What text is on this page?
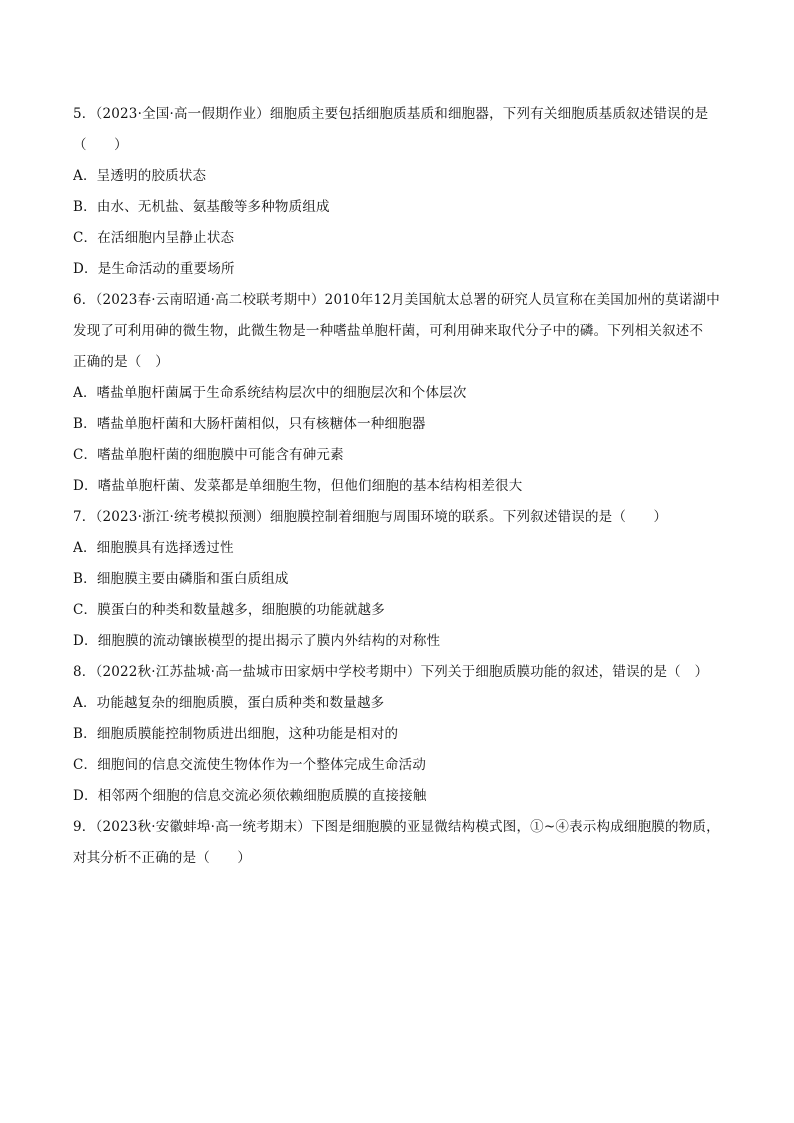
5．（2023·全国·高一假期作业）细胞质主要包括细胞质基质和细胞器，下列有关细胞质基质叙述错误的是
（　　）
A．呈透明的胶质状态
B．由水、无机盐、氨基酸等多种物质组成
C．在活细胞内呈静止状态
D．是生命活动的重要场所
6．（2023春·云南昭通·高二校联考期中）2010年12月美国航太总署的研究人员宣称在美国加州的莫诺湖中
发现了可利用砷的微生物，此微生物是一种嗜盐单胞杆菌，可利用砷来取代分子中的磷。下列相关叙述不
正确的是（　）
A．嗜盐单胞杆菌属于生命系统结构层次中的细胞层次和个体层次
B．嗜盐单胞杆菌和大肠杆菌相似，只有核糖体一种细胞器
C．嗜盐单胞杆菌的细胞膜中可能含有砷元素
D．嗜盐单胞杆菌、发菜都是单细胞生物，但他们细胞的基本结构相差很大
7．（2023·浙江·统考模拟预测）细胞膜控制着细胞与周围环境的联系。下列叙述错误的是（　　）
A．细胞膜具有选择透过性
B．细胞膜主要由磷脂和蛋白质组成
C．膜蛋白的种类和数量越多，细胞膜的功能就越多
D．细胞膜的流动镶嵌模型的提出揭示了膜内外结构的对称性
8．（2022秋·江苏盐城·高一盐城市田家炳中学校考期中）下列关于细胞质膜功能的叙述，错误的是（　）
A．功能越复杂的细胞质膜，蛋白质种类和数量越多
B．细胞质膜能控制物质进出细胞，这种功能是相对的
C．细胞间的信息交流使生物体作为一个整体完成生命活动
D．相邻两个细胞的信息交流必须依赖细胞质膜的直接接触
9．（2023秋·安徽蚌埠·高一统考期末）下图是细胞膜的亚显微结构模式图，①~④表示构成细胞膜的物质，
对其分析不正确的是（　　）
